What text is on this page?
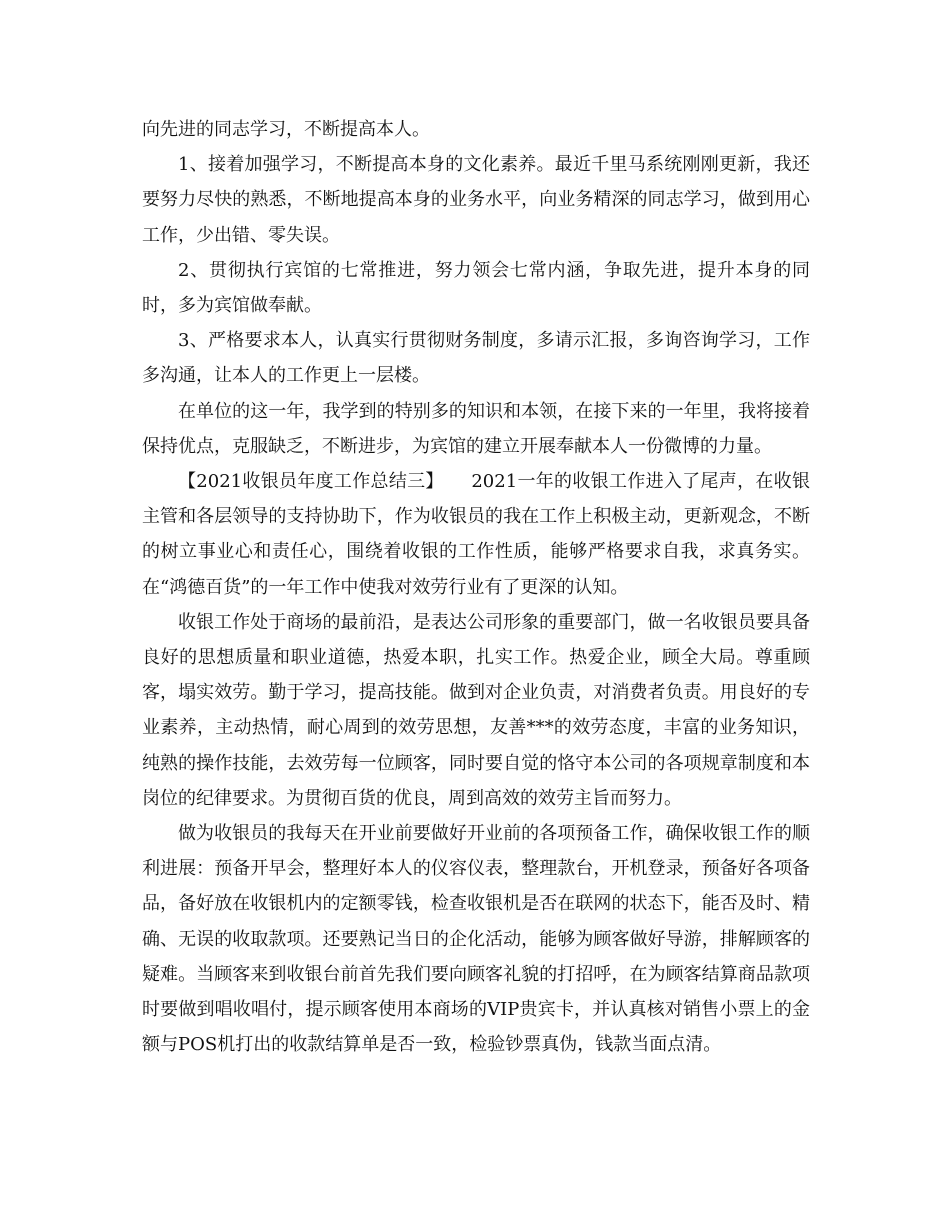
向先进的同志学习，不断提高本人。

1、接着加强学习，不断提高本身的文化素养。最近千里马系统刚刚更新，我还要努力尽快的熟悉，不断地提高本身的业务水平，向业务精深的同志学习，做到用心工作，少出错、零失误。

2、贯彻执行宾馆的七常推进，努力领会七常内涵，争取先进，提升本身的同时，多为宾馆做奉献。

3、严格要求本人，认真实行贯彻财务制度，多请示汇报，多询咨询学习，工作多沟通，让本人的工作更上一层楼。

在单位的这一年，我学到的特别多的知识和本领，在接下来的一年里，我将接着保持优点，克服缺乏，不断进步，为宾馆的建立开展奉献本人一份微博的力量。

【2021收银员年度工作总结三】　　2021一年的收银工作进入了尾声，在收银主管和各层领导的支持协助下，作为收银员的我在工作上积极主动，更新观念，不断的树立事业心和责任心，围绕着收银的工作性质，能够严格要求自我，求真务实。在“鸿德百货”的一年工作中使我对效劳行业有了更深的认知。

收银工作处于商场的最前沿，是表达公司形象的重要部门，做一名收银员要具备良好的思想质量和职业道德，热爱本职，扎实工作。热爱企业，顾全大局。尊重顾客，塌实效劳。勤于学习，提高技能。做到对企业负责，对消费者负责。用良好的专业素养，主动热情，耐心周到的效劳思想，友善***的效劳态度，丰富的业务知识，纯熟的操作技能，去效劳每一位顾客，同时要自觉的恪守本公司的各项规章制度和本岗位的纪律要求。为贯彻百货的优良，周到高效的效劳主旨而努力。

做为收银员的我每天在开业前要做好开业前的各项预备工作，确保收银工作的顺利进展：预备开早会，整理好本人的仪容仪表，整理款台，开机登录，预备好各项备品，备好放在收银机内的定额零钱，检查收银机是否在联网的状态下，能否及时、精确、无误的收取款项。还要熟记当日的企化活动，能够为顾客做好导游，排解顾客的疑难。当顾客来到收银台前首先我们要向顾客礼貌的打招呼，在为顾客结算商品款项时要做到唱收唱付，提示顾客使用本商场的VIP贵宾卡，并认真核对销售小票上的金额与POS机打出的收款结算单是否一致，检验钞票真伪，钱款当面点清。
